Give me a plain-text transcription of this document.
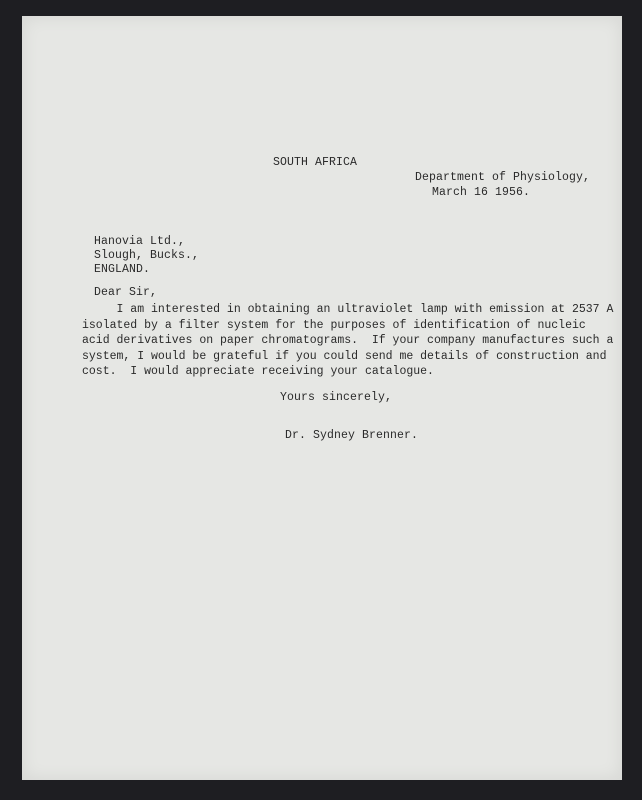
SOUTH AFRICA
Department of Physiology,
March 16 1956.
Hanovia Ltd.,
Slough, Bucks.,
ENGLAND.
Dear Sir,
I am interested in obtaining an ultraviolet lamp with emission at 2537 A
isolated by a filter system for the purposes of identification of nucleic
acid derivatives on paper chromatograms.  If your company manufactures such a
system, I would be grateful if you could send me details of construction and
cost.  I would appreciate receiving your catalogue.
Yours sincerely,
Dr. Sydney Brenner.
